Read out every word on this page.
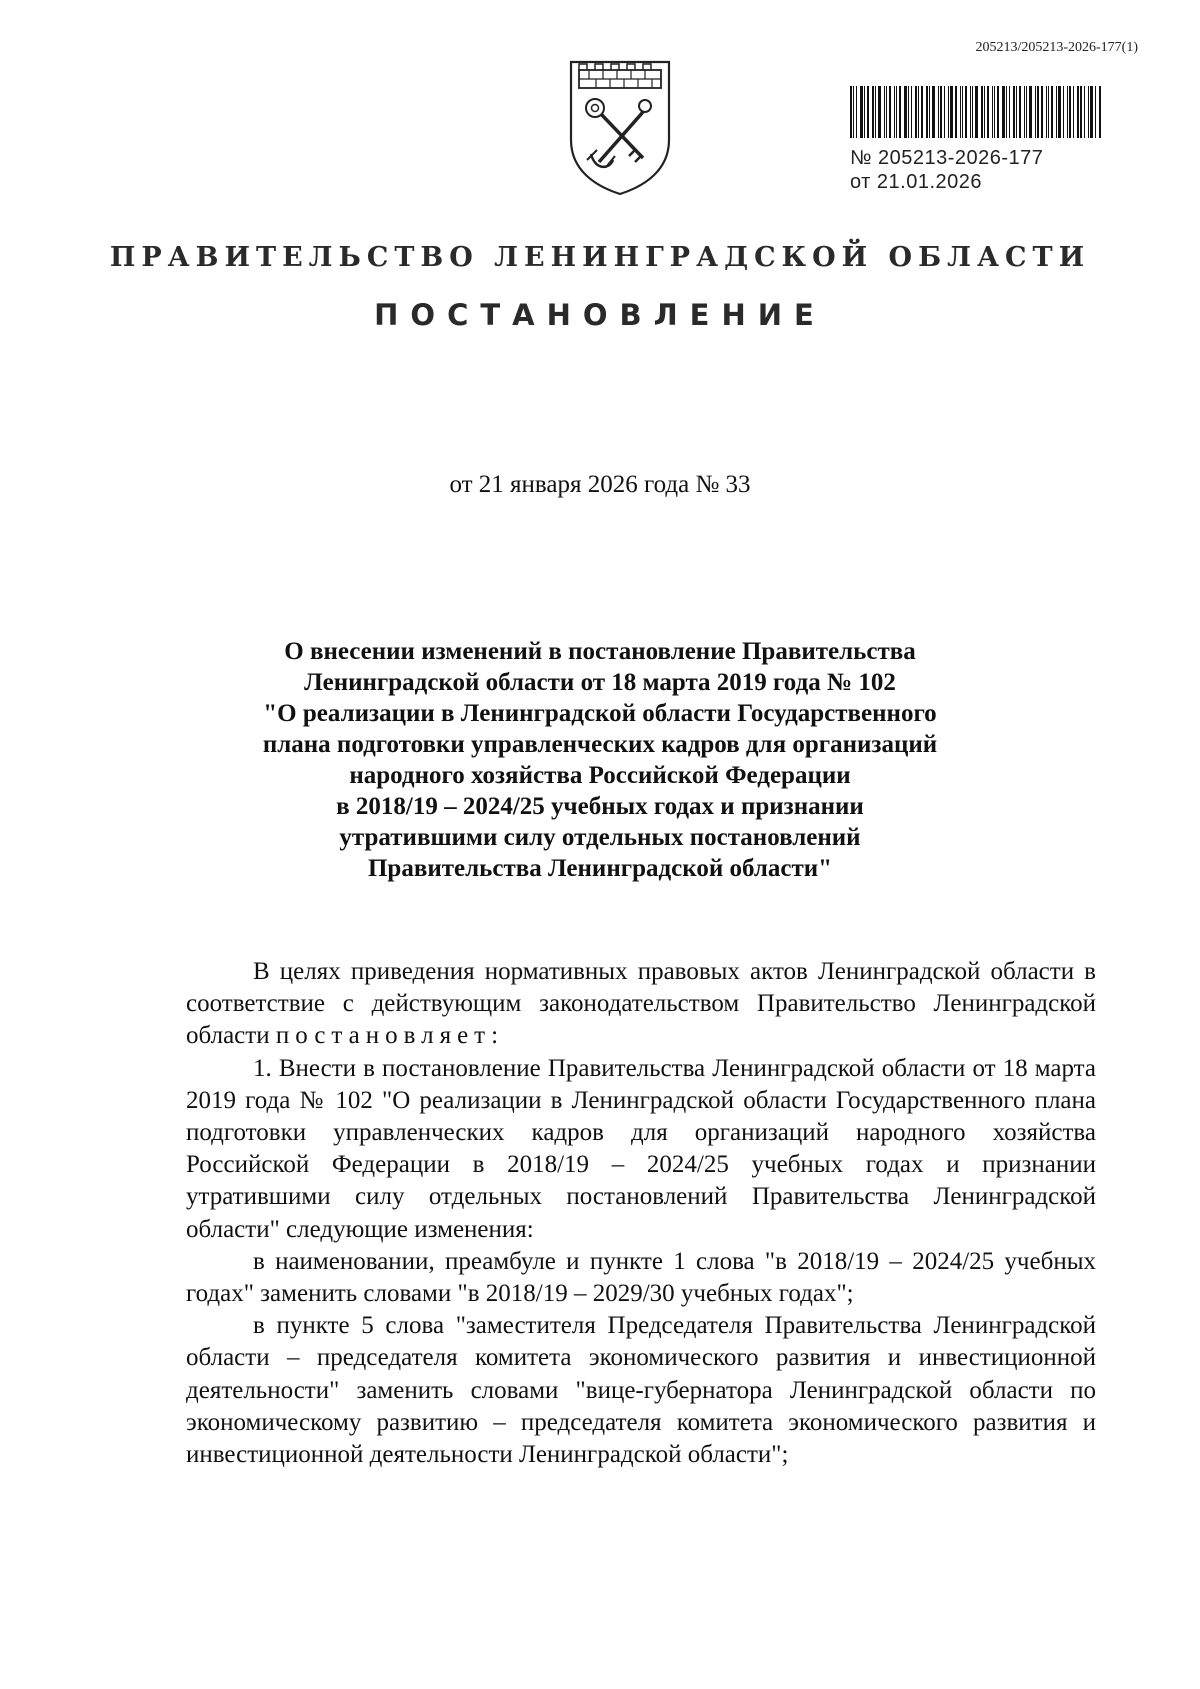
205213/205213-2026-177(1)
№ 205213-2026-177
от 21.01.2026
ПРАВИТЕЛЬСТВО ЛЕНИНГРАДСКОЙ ОБЛАСТИ
ПОСТАНОВЛЕНИЕ
от 21 января 2026 года № 33
О внесении изменений в постановление Правительства
Ленинградской области от 18 марта 2019 года № 102
"О реализации в Ленинградской области Государственного
плана подготовки управленческих кадров для организаций
народного хозяйства Российской Федерации
в 2018/19 – 2024/25 учебных годах и признании
утратившими силу отдельных постановлений
Правительства Ленинградской области"

В целях приведения нормативных правовых актов Ленинградской области в соответствие с действующим законодательством Правительство Ленинградской области постановляет:

1. Внести в постановление Правительства Ленинградской области от 18 марта 2019 года № 102 "О реализации в Ленинградской области Государственного плана подготовки управленческих кадров для организаций народного хозяйства Российской Федерации в 2018/19 – 2024/25 учебных годах и признании утратившими силу отдельных постановлений Правительства Ленинградской области" следующие изменения:

в наименовании, преамбуле и пункте 1 слова "в 2018/19 – 2024/25 учебных годах" заменить словами "в 2018/19 – 2029/30 учебных годах";

в пункте 5 слова "заместителя Председателя Правительства Ленинградской области – председателя комитета экономического развития и инвестиционной деятельности" заменить словами "вице-губернатора Ленинградской области по экономическому развитию – председателя комитета экономического развития и инвестиционной деятельности Ленинградской области";
